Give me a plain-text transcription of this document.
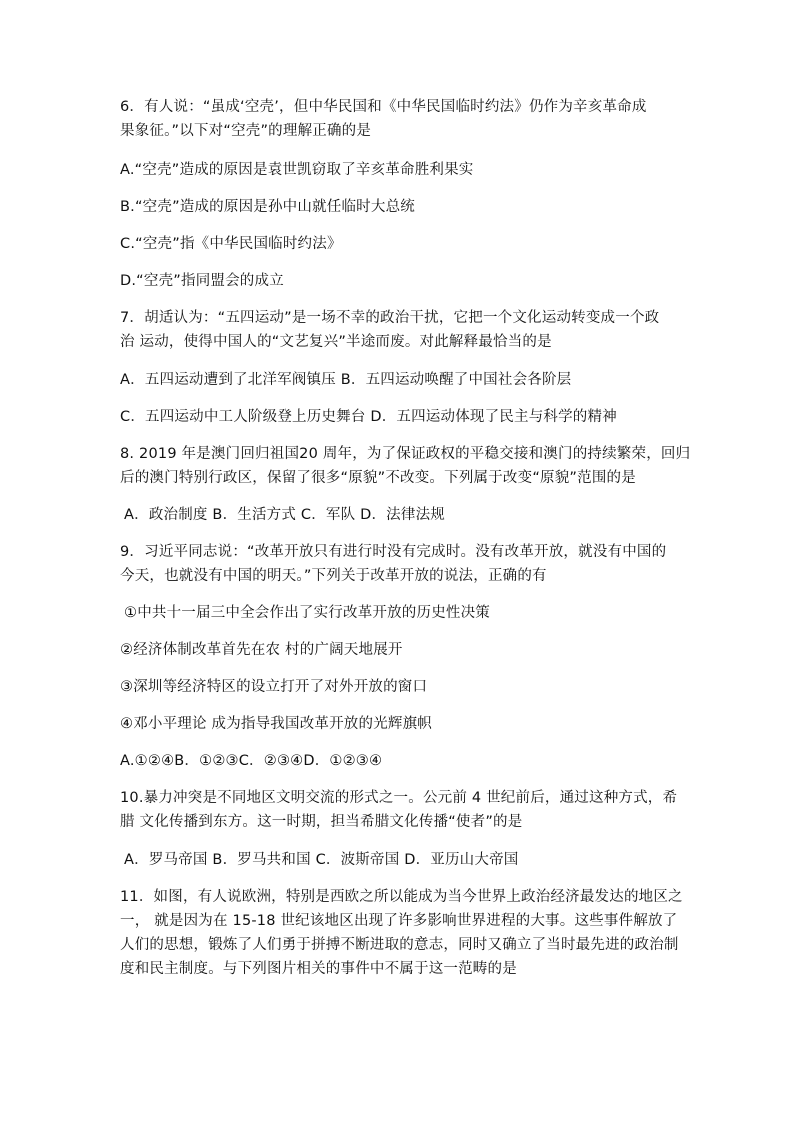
6．有人说：“虽成‘空壳’，但中华民国和《中华民国临时约法》仍作为辛亥革命成
果象征。”以下对“空壳”的理解正确的是
A.“空壳”造成的原因是袁世凯窃取了辛亥革命胜利果实
B.“空壳”造成的原因是孙中山就任临时大总统
C.“空壳”指《中华民国临时约法》
D.“空壳”指同盟会的成立
7．胡适认为：“五四运动”是一场不幸的政治干扰，它把一个文化运动转变成一个政
治 运动，使得中国人的“文艺复兴”半途而废。对此解释最恰当的是
A．五四运动遭到了北洋军阀镇压 B．五四运动唤醒了中国社会各阶层
C．五四运动中工人阶级登上历史舞台 D．五四运动体现了民主与科学的精神
8. 2019 年是澳门回归祖国20 周年，为了保证政权的平稳交接和澳门的持续繁荣，回归
后的澳门特别行政区，保留了很多“原貌”不改变。下列属于改变“原貌”范围的是
A．政治制度 B．生活方式 C．军队 D．法律法规
9．习近平同志说：“改革开放只有进行时没有完成时。没有改革开放，就没有中国的
今天，也就没有中国的明天。”下列关于改革开放的说法，正确的有
①中共十一届三中全会作出了实行改革开放的历史性决策
②经济体制改革首先在农 村的广阔天地展开
③深圳等经济特区的设立打开了对外开放的窗口
④邓小平理论 成为指导我国改革开放的光辉旗帜
A.①②④B．①②③C．②③④D．①②③④
10.暴力冲突是不同地区文明交流的形式之一。公元前 4 世纪前后，通过这种方式，希
腊 文化传播到东方。这一时期，担当希腊文化传播“使者”的是
A．罗马帝国 B．罗马共和国 C．波斯帝国 D．亚历山大帝国
11．如图，有人说欧洲，特别是西欧之所以能成为当今世界上政治经济最发达的地区之
一， 就是因为在 15-18 世纪该地区出现了许多影响世界进程的大事。这些事件解放了
人们的思想，锻炼了人们勇于拼搏不断进取的意志，同时又确立了当时最先进的政治制
度和民主制度。与下列图片相关的事件中不属于这一范畴的是
